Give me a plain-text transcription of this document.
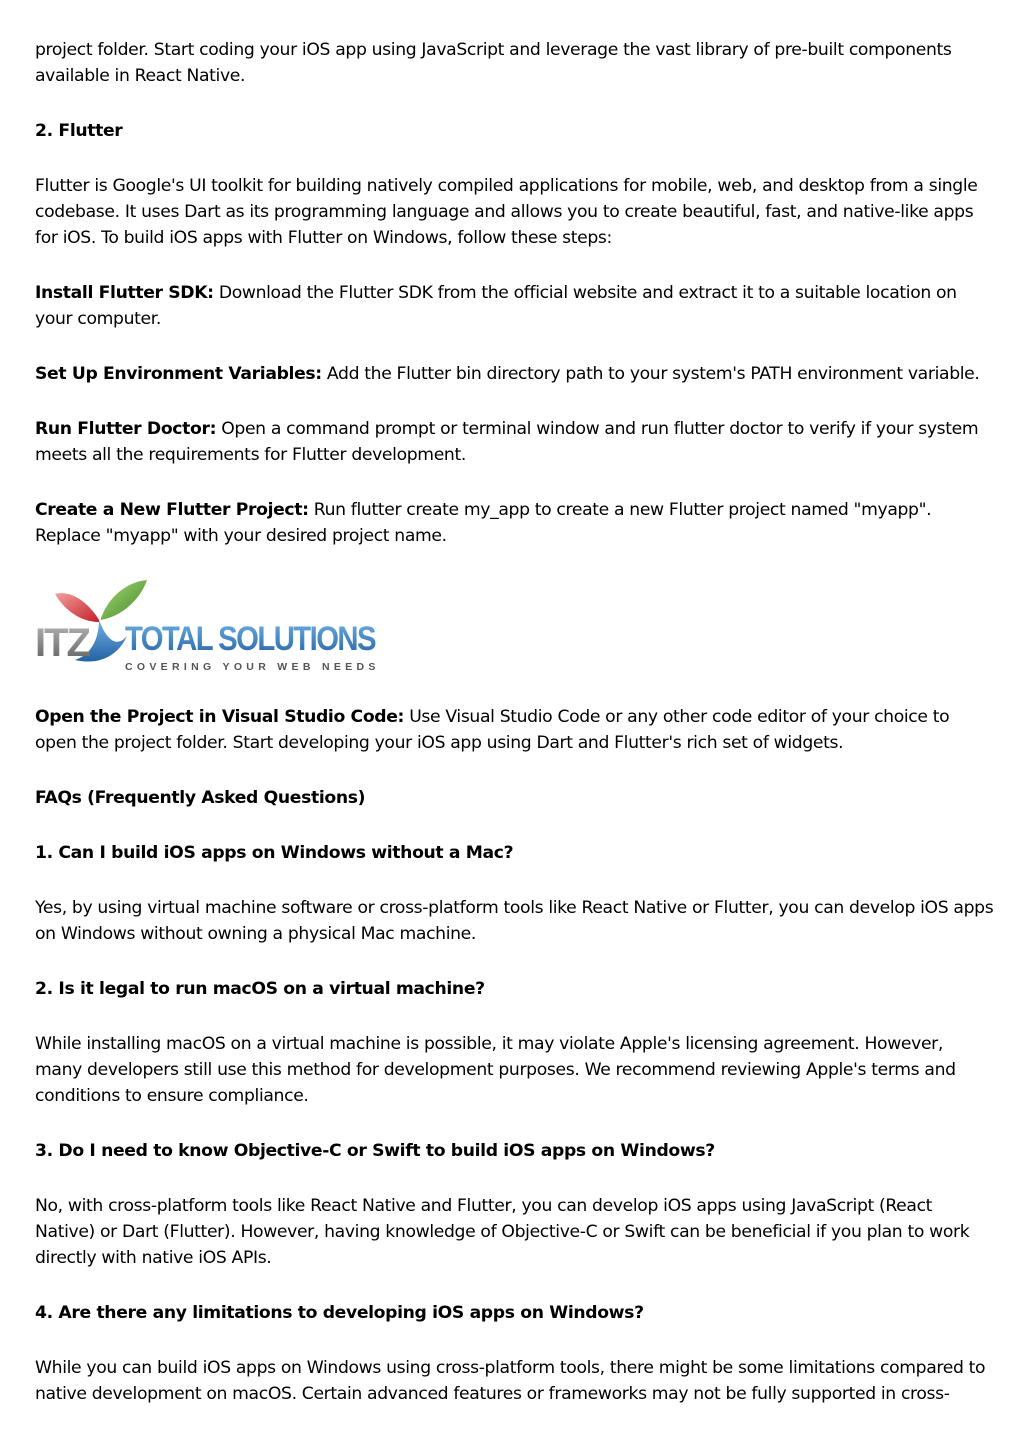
project folder. Start coding your iOS app using JavaScript and leverage the vast library of pre-built components available in React Native.

2. Flutter

Flutter is Google's UI toolkit for building natively compiled applications for mobile, web, and desktop from a single codebase. It uses Dart as its programming language and allows you to create beautiful, fast, and native-like apps for iOS. To build iOS apps with Flutter on Windows, follow these steps:

Install Flutter SDK: Download the Flutter SDK from the official website and extract it to a suitable location on your computer.

Set Up Environment Variables: Add the Flutter bin directory path to your system's PATH environment variable.

Run Flutter Doctor: Open a command prompt or terminal window and run flutter doctor to verify if your system meets all the requirements for Flutter development.

Create a New Flutter Project: Run flutter create my_app to create a new Flutter project named "myapp". Replace "myapp" with your desired project name.

ITZ TOTAL SOLUTIONS
COVERING YOUR WEB NEEDS

Open the Project in Visual Studio Code: Use Visual Studio Code or any other code editor of your choice to open the project folder. Start developing your iOS app using Dart and Flutter's rich set of widgets.

FAQs (Frequently Asked Questions)

1. Can I build iOS apps on Windows without a Mac?

Yes, by using virtual machine software or cross-platform tools like React Native or Flutter, you can develop iOS apps on Windows without owning a physical Mac machine.

2. Is it legal to run macOS on a virtual machine?

While installing macOS on a virtual machine is possible, it may violate Apple's licensing agreement. However, many developers still use this method for development purposes. We recommend reviewing Apple's terms and conditions to ensure compliance.

3. Do I need to know Objective-C or Swift to build iOS apps on Windows?

No, with cross-platform tools like React Native and Flutter, you can develop iOS apps using JavaScript (React Native) or Dart (Flutter). However, having knowledge of Objective-C or Swift can be beneficial if you plan to work directly with native iOS APIs.

4. Are there any limitations to developing iOS apps on Windows?

While you can build iOS apps on Windows using cross-platform tools, there might be some limitations compared to native development on macOS. Certain advanced features or frameworks may not be fully supported in cross-
